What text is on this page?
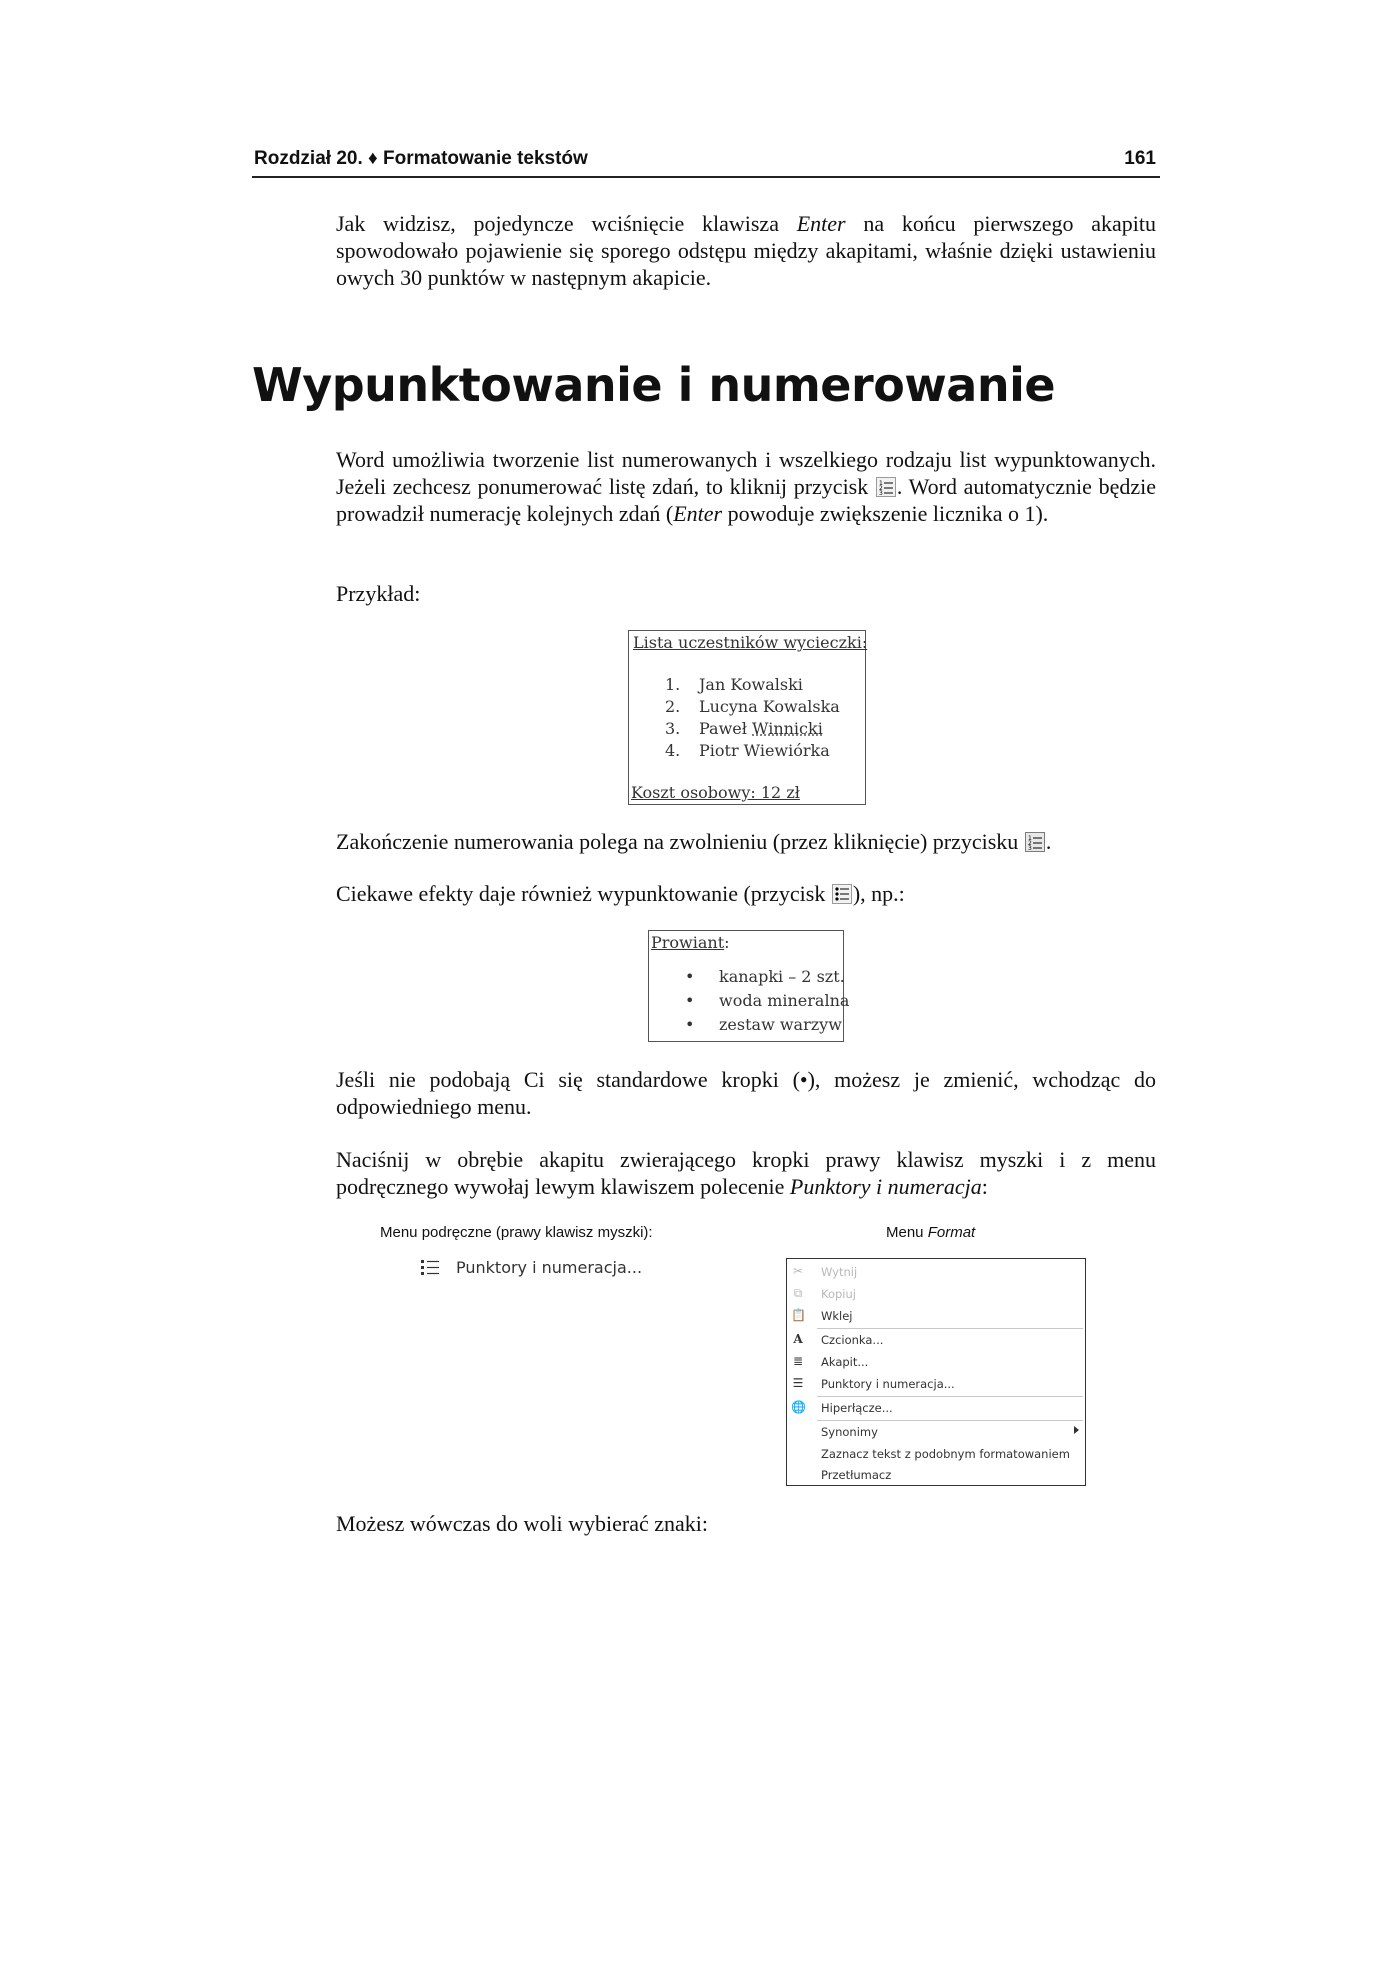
Rozdział 20. ♦ Formatowanie tekstów	161

Jak widzisz, pojedyncze wciśnięcie klawisza Enter na końcu pierwszego akapitu spowodowało pojawienie się sporego odstępu między akapitami, właśnie dzięki ustawieniu owych 30 punktów w następnym akapicie.

Wypunktowanie i numerowanie

Word umożliwia tworzenie list numerowanych i wszelkiego rodzaju list wypunktowanych. Jeżeli zechcesz ponumerować listę zdań, to kliknij przycisk 1
2
3 . Word automatycznie będzie prowadził numerację kolejnych zdań (Enter powoduje zwiększenie licznika o 1).

Przykład:

Lista uczestników wycieczki:
1. Jan Kowalski
2. Lucyna Kowalska
3. Paweł Winnicki
4. Piotr Wiewiórka
Koszt osobowy: 12 zł

Zakończenie numerowania polega na zwolnieniu (przez kliknięcie) przycisku 1
2
3 .

Ciekawe efekty daje również wypunktowanie (przycisk
), np.:

Prowiant:
• kanapki – 2 szt.
• woda mineralna
• zestaw warzyw

Jeśli nie podobają Ci się standardowe kropki (•), możesz je zmienić, wchodząc do odpowiedniego menu.

Naciśnij w obrębie akapitu zwierającego kropki prawy klawisz myszki i z menu podręcznego wywołaj lewym klawiszem polecenie Punktory i numeracja:

Menu podręczne (prawy klawisz myszki):	Menu Format
Punktory i numeracja...	✂ Wytnij
⧉ Kopiuj
📋 Wklej
A Czcionka...
≣ Akapit...
☰ Punktory i numeracja...
🌐 Hiperłącze...
Synonimy
Zaznacz tekst z podobnym formatowaniem
Przetłumacz

Możesz wówczas do woli wybierać znaki:
